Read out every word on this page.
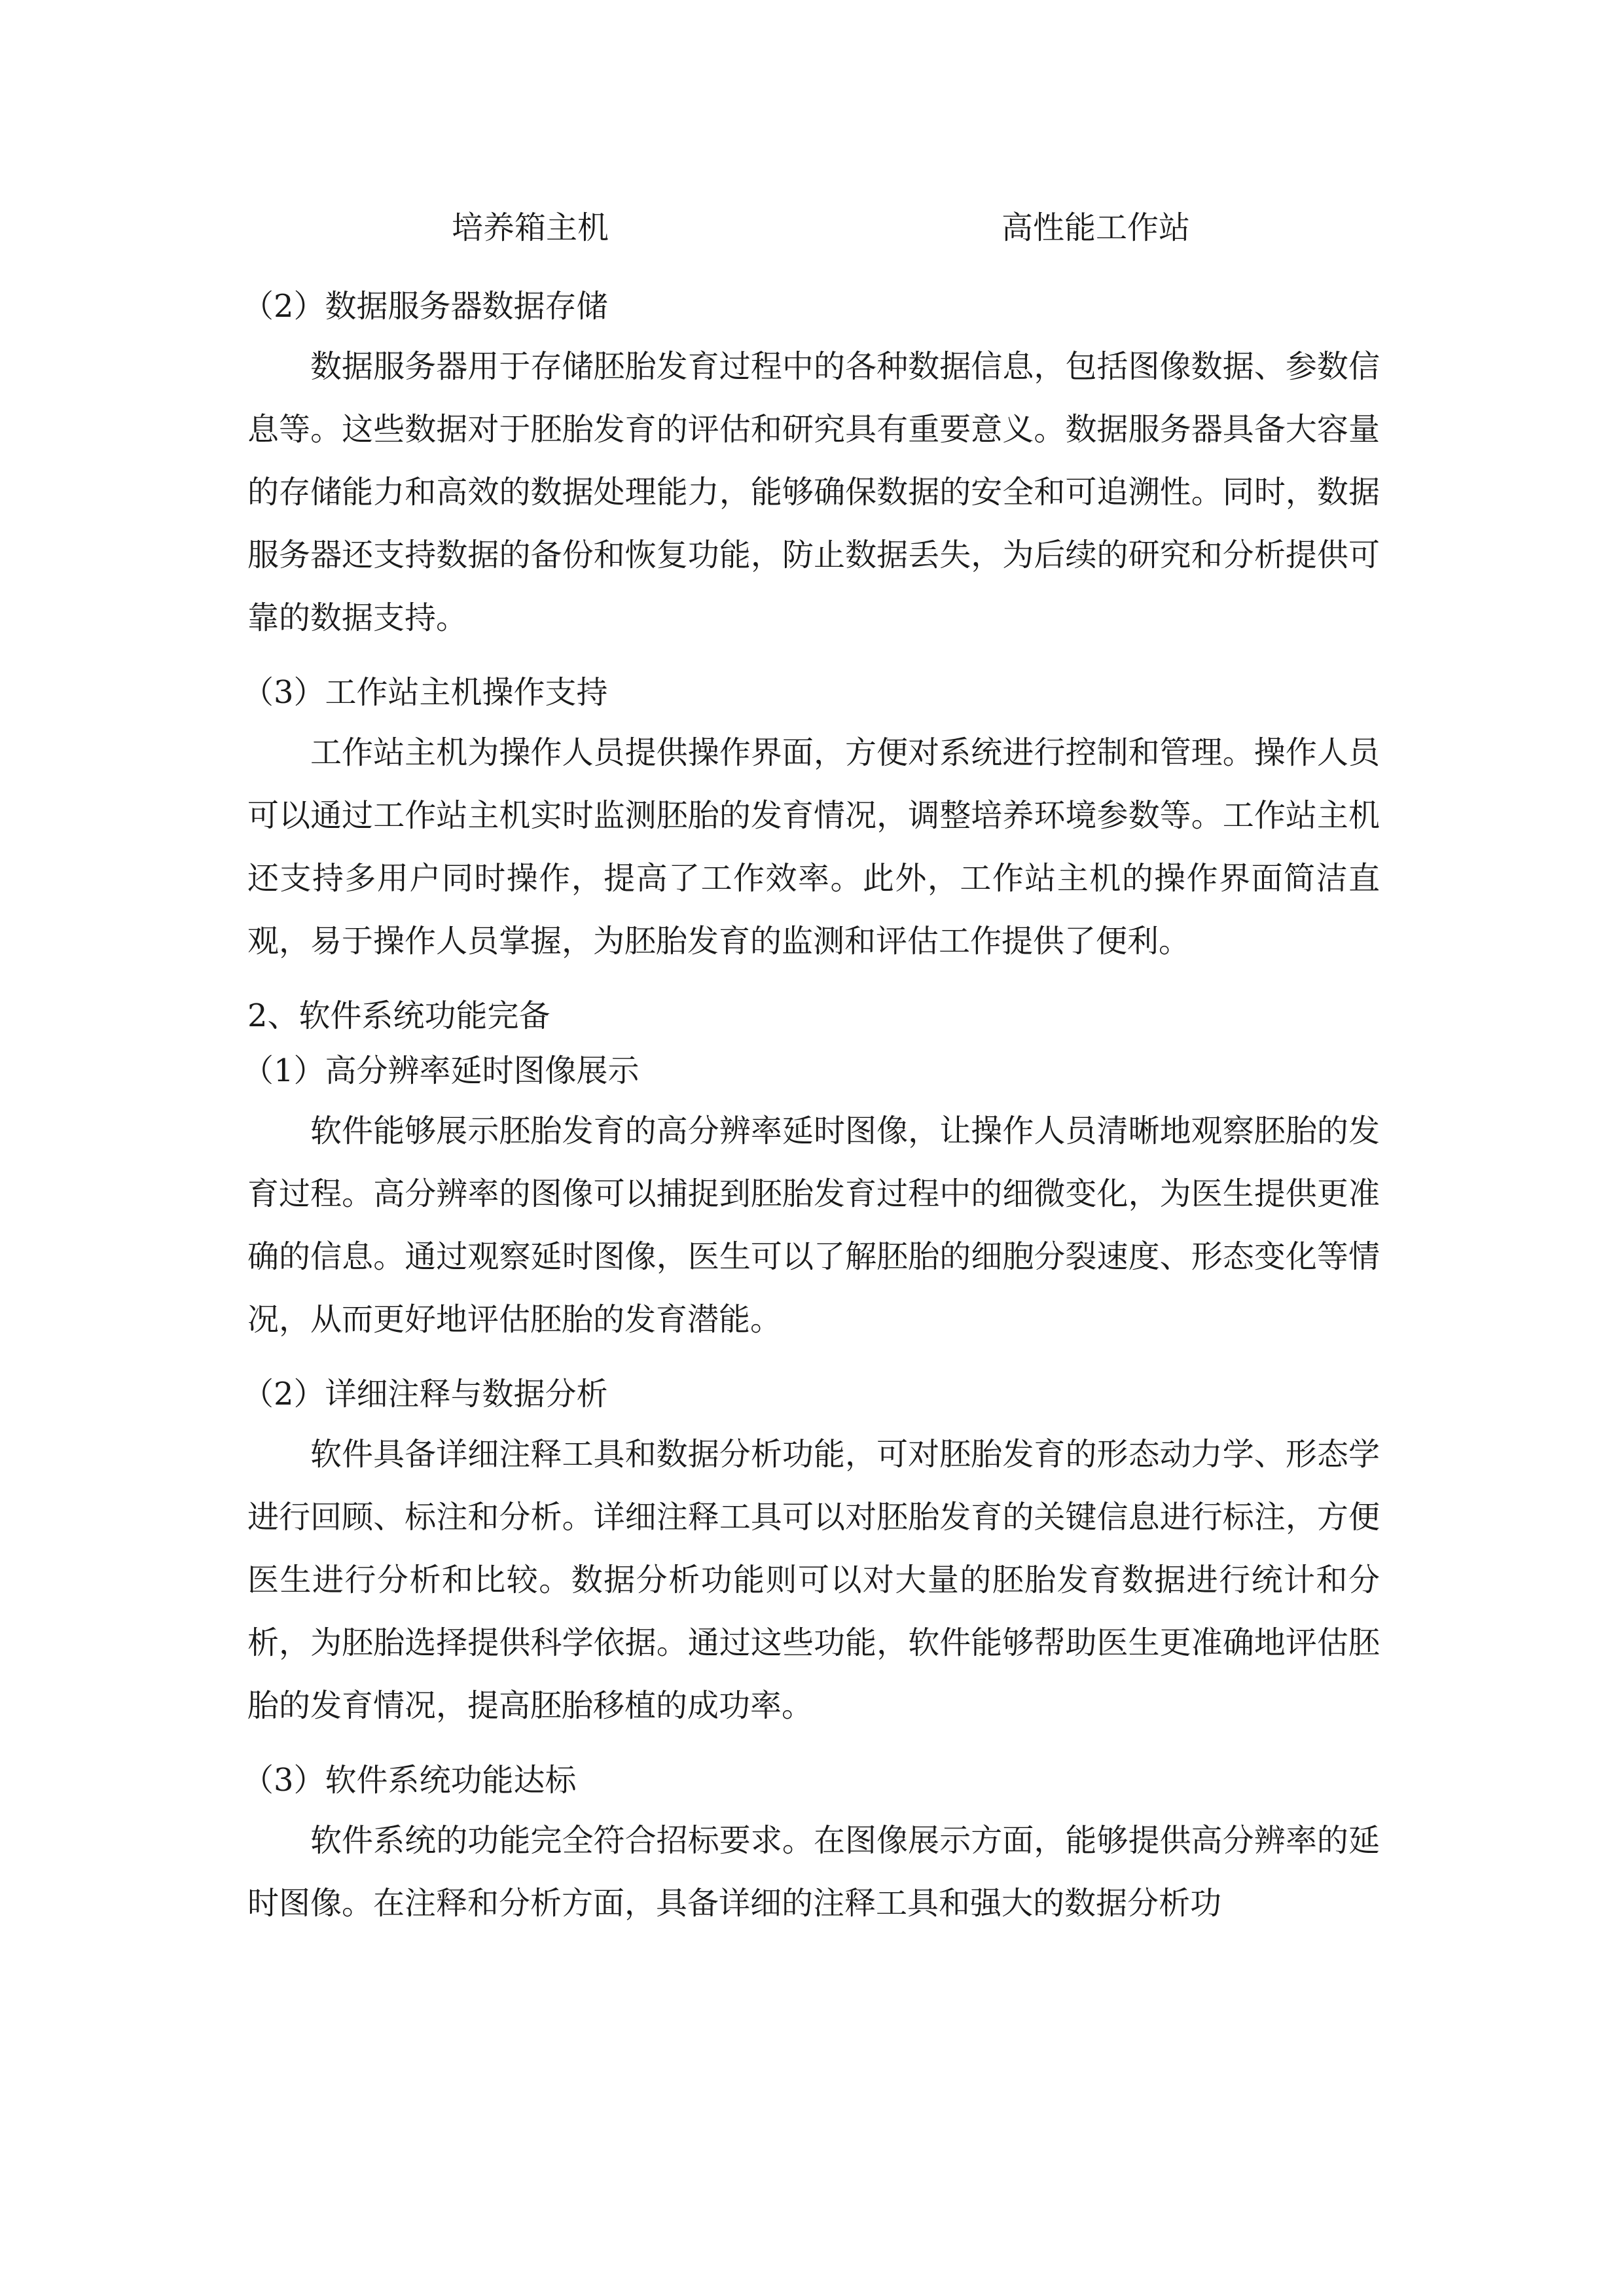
培养箱主机	高性能工作站
（2）数据服务器数据存储

数据服务器用于存储胚胎发育过程中的各种数据信息，包括图像数据、参数信息等。这些数据对于胚胎发育的评估和研究具有重要意义。数据服务器具备大容量的存储能力和高效的数据处理能力，能够确保数据的安全和可追溯性。同时，数据服务器还支持数据的备份和恢复功能，防止数据丢失，为后续的研究和分析提供可靠的数据支持。

（3）工作站主机操作支持

工作站主机为操作人员提供操作界面，方便对系统进行控制和管理。操作人员可以通过工作站主机实时监测胚胎的发育情况，调整培养环境参数等。工作站主机还支持多用户同时操作，提高了工作效率。此外，工作站主机的操作界面简洁直观，易于操作人员掌握，为胚胎发育的监测和评估工作提供了便利。

2、软件系统功能完备
（1）高分辨率延时图像展示

软件能够展示胚胎发育的高分辨率延时图像，让操作人员清晰地观察胚胎的发育过程。高分辨率的图像可以捕捉到胚胎发育过程中的细微变化，为医生提供更准确的信息。通过观察延时图像，医生可以了解胚胎的细胞分裂速度、形态变化等情况，从而更好地评估胚胎的发育潜能。

（2）详细注释与数据分析

软件具备详细注释工具和数据分析功能，可对胚胎发育的形态动力学、形态学进行回顾、标注和分析。详细注释工具可以对胚胎发育的关键信息进行标注，方便医生进行分析和比较。数据分析功能则可以对大量的胚胎发育数据进行统计和分析，为胚胎选择提供科学依据。通过这些功能，软件能够帮助医生更准确地评估胚胎的发育情况，提高胚胎移植的成功率。

（3）软件系统功能达标

软件系统的功能完全符合招标要求。在图像展示方面，能够提供高分辨率的延时图像。在注释和分析方面，具备详细的注释工具和强大的数据分析功
